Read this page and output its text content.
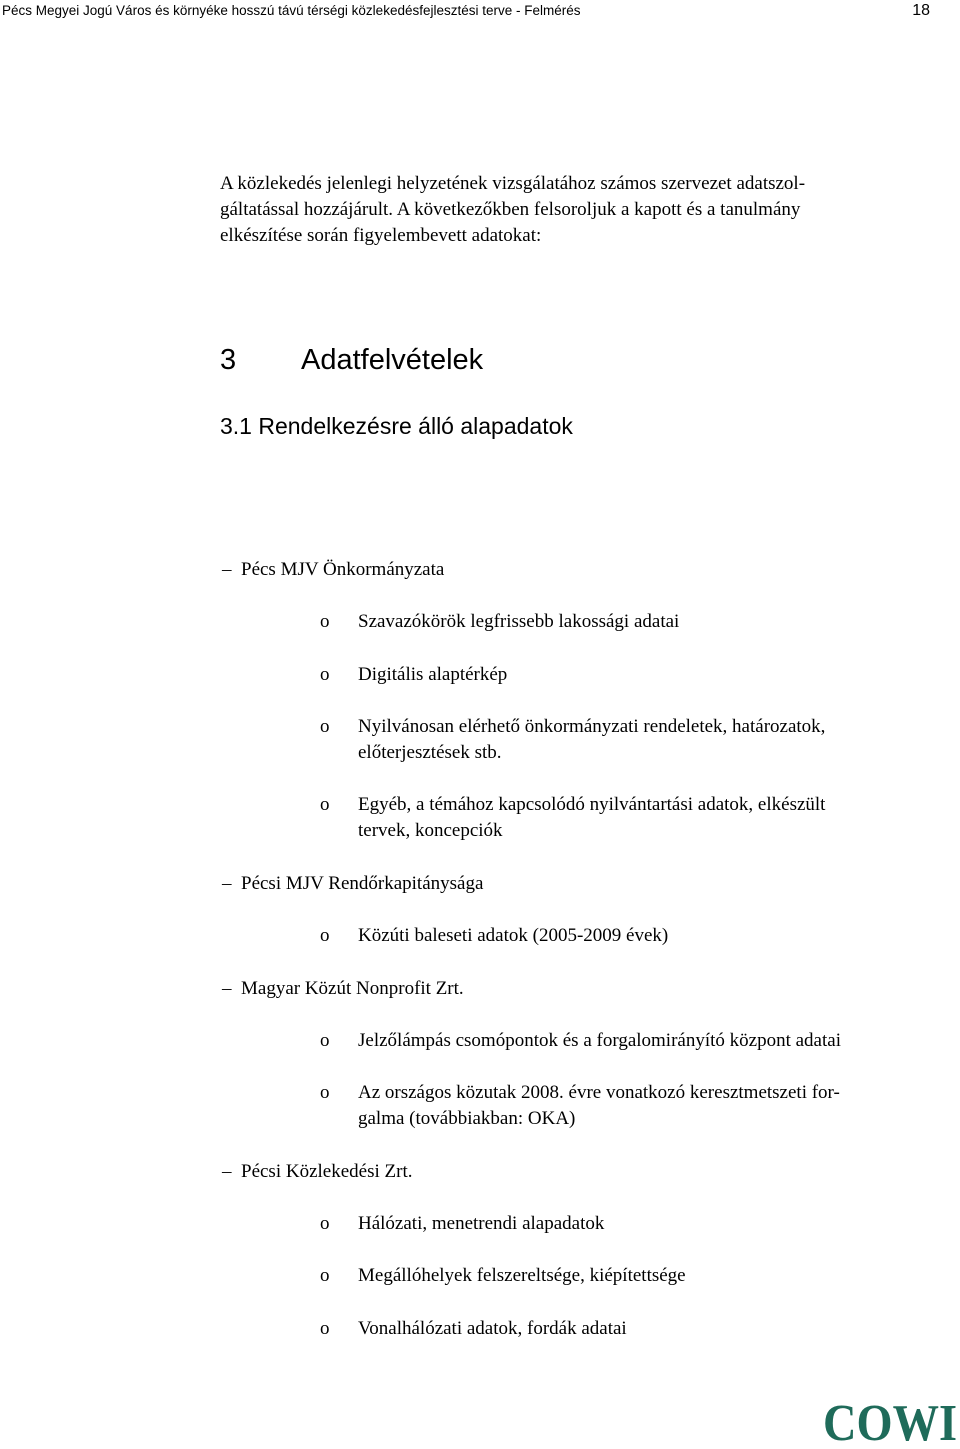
Pécs Megyei Jogú Város és környéke hosszú távú térségi közlekedésfejlesztési terve - Felmérés	18
3 Adatfelvételek
3.1 Rendelkezésre álló alapadatok
A közlekedés jelenlegi helyzetének vizsgálatához számos szervezet adatszol-
gáltatással hozzájárult. A következőkben felsoroljuk a kapott és a tanulmány
elkészítése során figyelembevett adatokat:
– Pécs MJV Önkormányzata
o	Szavazókörök legfrissebb lakossági adatai
o	Digitális alaptérkép
o	Nyilvánosan elérhető önkormányzati rendeletek, határozatok,
előterjesztések stb.
o	Egyéb, a témához kapcsolódó nyilvántartási adatok, elkészült
tervek, koncepciók
– Pécsi MJV Rendőrkapitánysága
o	Közúti baleseti adatok (2005-2009 évek)
– Magyar Közút Nonprofit Zrt.
o	Jelzőlámpás csomópontok és a forgalomirányító központ adatai
o	Az országos közutak 2008. évre vonatkozó keresztmetszeti for-
galma (továbbiakban: OKA)
– Pécsi Közlekedési Zrt.
o	Hálózati, menetrendi alapadatok
o	Megállóhelyek felszereltsége, kiépítettsége
o	Vonalhálózati adatok, fordák adatai
COWI
